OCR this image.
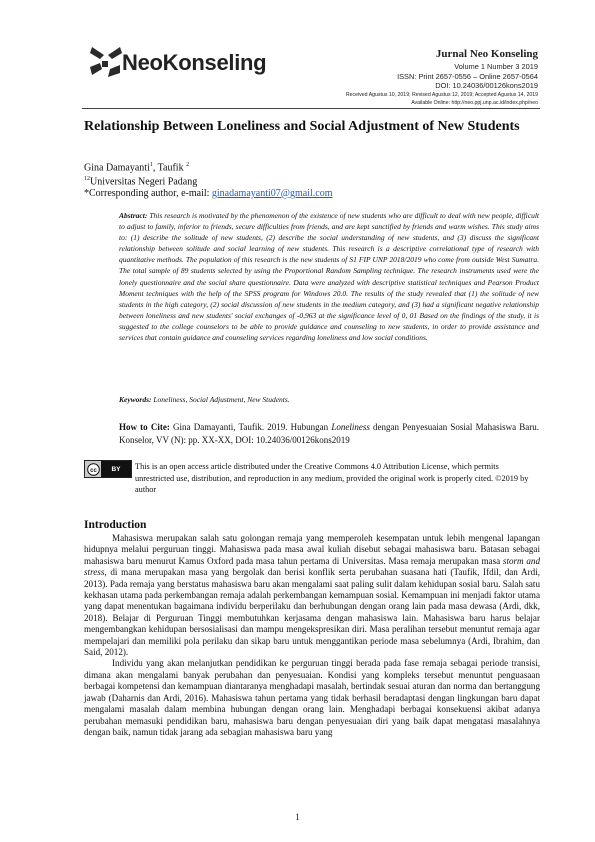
NeoKonseling	Jurnal Neo Konseling
Volume 1 Number 3 2019
ISSN: Print 2657-0556 – Online 2657-0564
DOI: 10.24036/00126kons2019
Received Agustus 10, 2019; Revised Agustus 12, 2019; Accepted Agustus 14, 2019
Available Online: http://neo.ppj.unp.ac.id/index.php/neo
Relationship Between Loneliness and Social Adjustment of New Students
Gina Damayanti$^1$, Taufik $^2$
$^{12}$Universitas Negeri Padang
*Corresponding author, e-mail: ginadamayanti07@gmail.com
Abstract: This research is motivated by the phenomenon of the existence of new students who are difficult to deal with new people, difficult to adjust to family, inferior to friends, secure difficulties from friends, and are kept sanctified by friends and warm wishes. This study aims to: (1) describe the solitude of new students, (2) describe the social understanding of new students, and (3) discuss the significant relationship between solitude and social learning of new students. This research is a descriptive correlational type of research with quantitative methods. The population of this research is the new students of S1 FIP UNP 2018/2019 who come from outside West Sumatra. The total sample of 89 students selected by using the Proportional Random Sampling technique. The research instruments used were the lonely questionnaire and the social share questionnaire. Data were analyzed with descriptive statistical techniques and Pearson Product Moment techniques with the help of the SPSS program for Windows 20.0. The results of the study revealed that (1) the solitude of new students in the high category, (2) social discussion of new students in the medium category, and (3) had a significant negative relationship between loneliness and new students' social exchanges of -0,963 at the significance level of 0, 01 Based on the findings of the study, it is suggested to the college counselors to be able to provide guidance and counseling to new students, in order to provide assistance and services that contain guidance and counseling services regarding loneliness and low social conditions.
Keywords: Loneliness, Social Adjustment, New Students.
How to Cite: Gina Damayanti, Taufik. 2019. Hubungan Loneliness dengan Penyesuaian Sosial Mahasiswa Baru. Konselor, VV (N): pp. XX-XX, DOI: 10.24036/00126kons2019
cc	BY	This is an open access article distributed under the Creative Commons 4.0 Attribution License, which permits unrestricted use, distribution, and reproduction in any medium, provided the original work is properly cited. ©2019 by author
Introduction

Mahasiswa merupakan salah satu golongan remaja yang memperoleh kesempatan untuk lebih mengenal lapangan hidupnya melalui perguruan tinggi. Mahasiswa pada masa awal kuliah disebut sebagai mahasiswa baru. Batasan sebagai mahasiswa baru menurut Kamus Oxford pada masa tahun pertama di Universitas. Masa remaja merupakan masa storm and stress, di mana merupakan masa yang bergolak dan berisi konflik serta perubahan suasana hati (Taufik, Ifdil, dan Ardi, 2013). Pada remaja yang berstatus mahasiswa baru akan mengalami saat paling sulit dalam kehidupan sosial baru. Salah satu kekhasan utama pada perkembangan remaja adalah perkembangan kemampuan sosial. Kemampuan ini menjadi faktor utama yang dapat menentukan bagaimana individu berperilaku dan berhubungan dengan orang lain pada masa dewasa (Ardi, dkk, 2018). Belajar di Perguruan Tinggi membutuhkan kerjasama dengan mahasiswa lain. Mahasiswa baru harus belajar mengembangkan kehidupan bersosialisasi dan mampu mengekspresikan diri. Masa peralihan tersebut menuntut remaja agar mempelajari dan memiliki pola perilaku dan sikap baru untuk menggantikan periode masa sebelumnya (Ardi, Ibrahim, dan Said, 2012).

Individu yang akan melanjutkan pendidikan ke perguruan tinggi berada pada fase remaja sebagai periode transisi, dimana akan mengalami banyak perubahan dan penyesuaian. Kondisi yang kompleks tersebut menuntut penguasaan berbagai kompetensi dan kemampuan diantaranya menghadapi masalah, bertindak sesuai aturan dan norma dan bertanggung jawab (Daharnis dan Ardi, 2016). Mahasiswa tahun pertama yang tidak berhasil beradaptasi dengan lingkungan baru dapat mengalami masalah dalam membina hubungan dengan orang lain. Menghadapi berbagai konsekuensi akibat adanya perubahan memasuki pendidikan baru, mahasiswa baru dengan penyesuaian diri yang baik dapat mengatasi masalahnya dengan baik, namun tidak jarang ada sebagian mahasiswa baru yang

1
